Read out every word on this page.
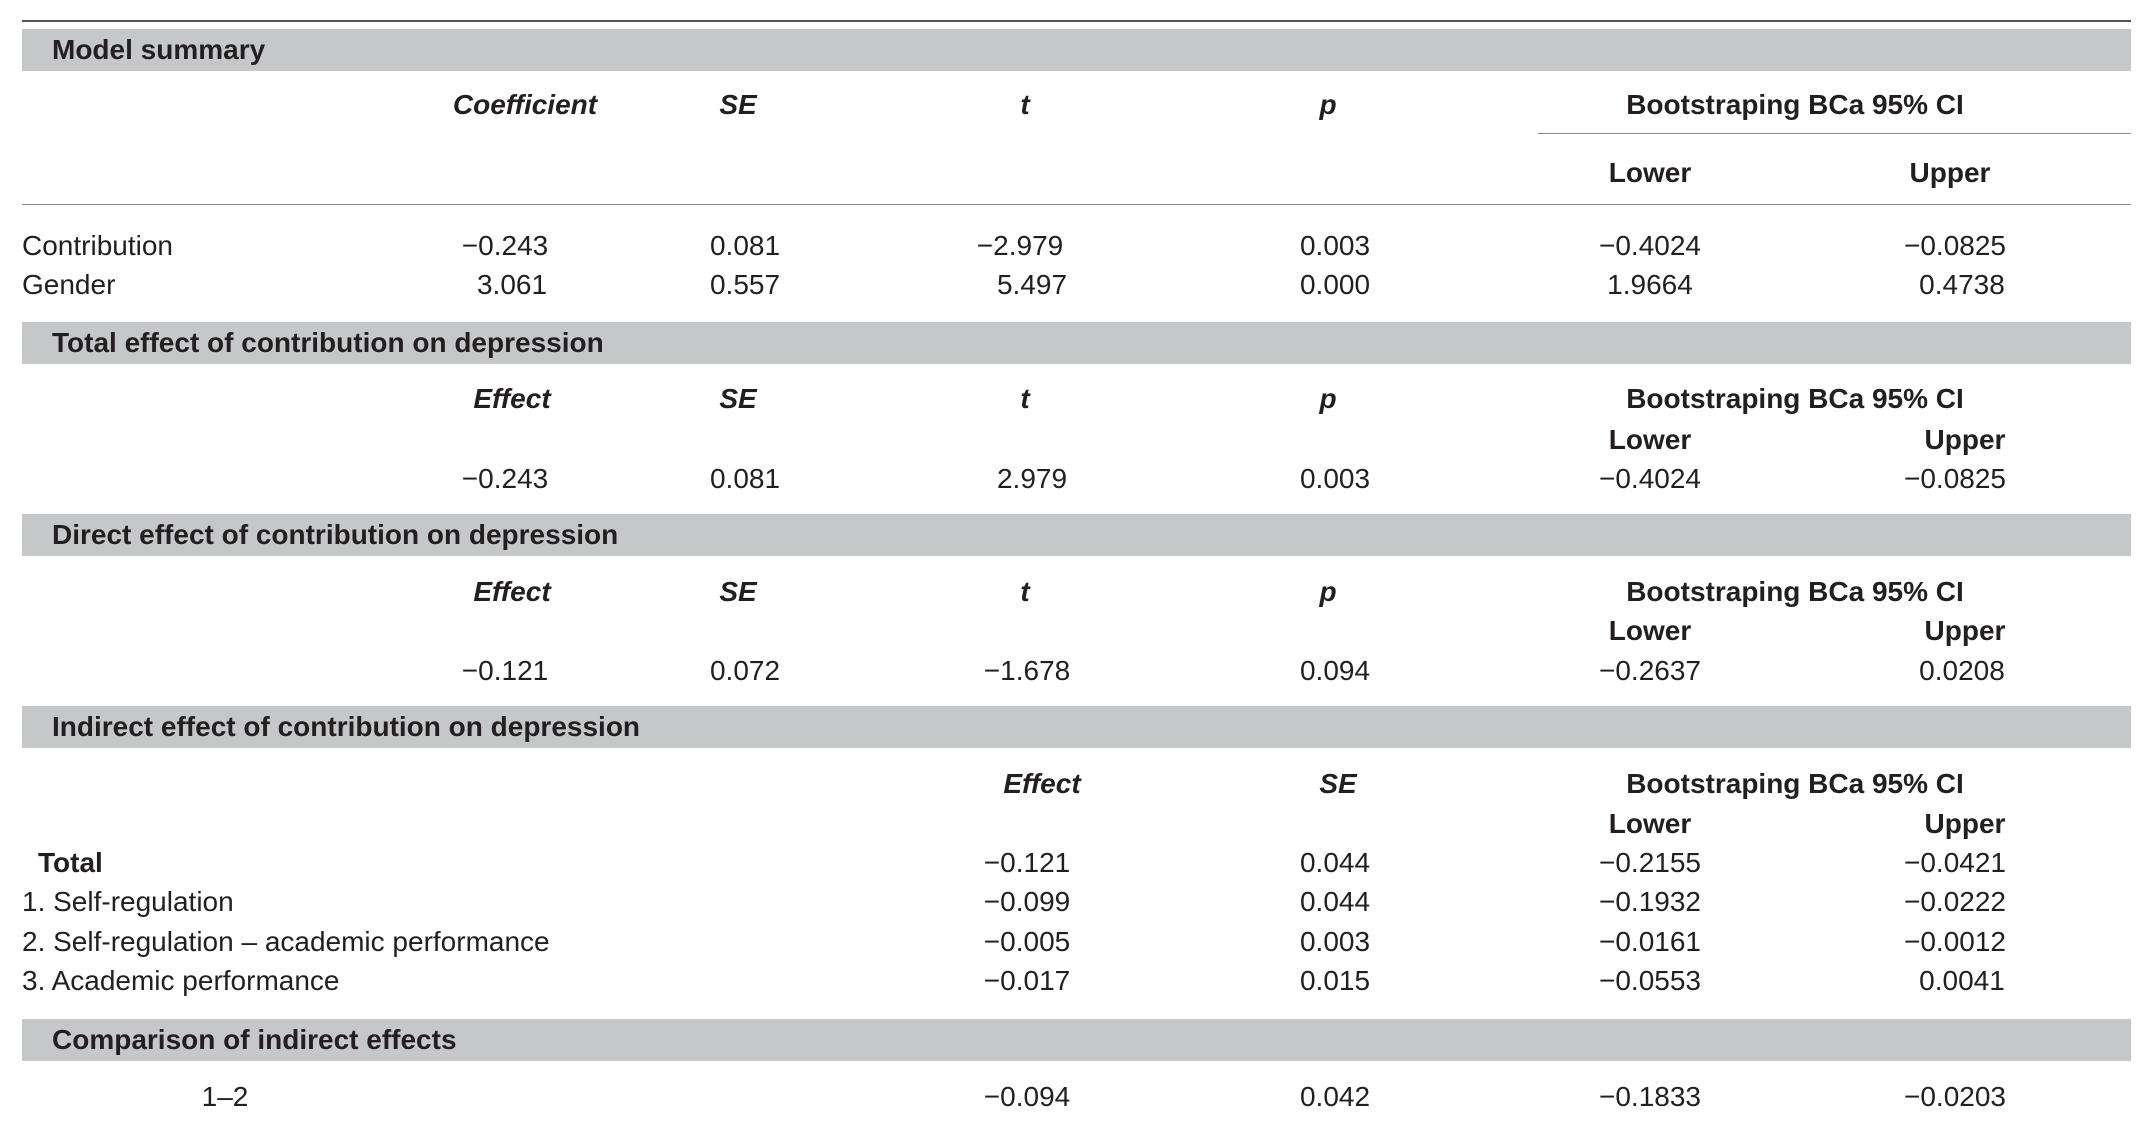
Model summary
Coefficient	SE	t	p	Bootstraping BCa 95% CI
Lower	Upper
Contribution	−0.243	0.081	−2.979	0.003	−0.4024	−0.0825
Gender	3.061	0.557	5.497	0.000	1.9664	0.4738
Total effect of contribution on depression
Effect	SE	t	p	Bootstraping BCa 95% CI
Lower	Upper
−0.243	0.081	2.979	0.003	−0.4024	−0.0825
Direct effect of contribution on depression
Effect	SE	t	p	Bootstraping BCa 95% CI
Lower	Upper
−0.121	0.072	−1.678	0.094	−0.2637	0.0208
Indirect effect of contribution on depression
Effect	SE	Bootstraping BCa 95% CI
Lower	Upper
Total	−0.121	0.044	−0.2155	−0.0421
1. Self-regulation	−0.099	0.044	−0.1932	−0.0222
2. Self-regulation – academic performance	−0.005	0.003	−0.0161	−0.0012
3. Academic performance	−0.017	0.015	−0.0553	0.0041
Comparison of indirect effects
1–2	−0.094	0.042	−0.1833	−0.0203
